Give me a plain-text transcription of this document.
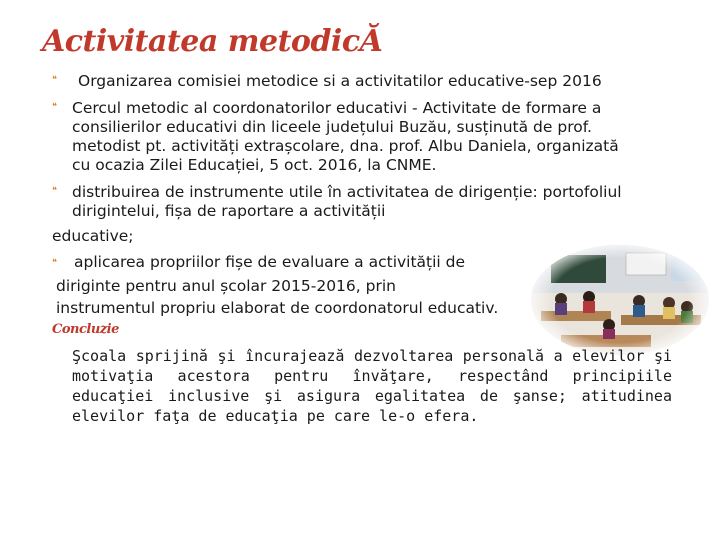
Activitatea metodicĂ
❝ Organizarea comisiei metodice si a activitatilor educative-sep 2016
❝ Cercul metodic al coordonatorilor educativi - Activitate de formare a
consilierilor educativi din liceele județului Buzău, susținută de prof.
metodist pt. activități extrașcolare, dna. prof. Albu Daniela, organizată
cu ocazia Zilei Educației, 5 oct. 2016, la CNME.
❝ distribuirea de instrumente utile în activitatea de dirigenție: portofoliul
dirigintelui, fișa de raportare a activității
educative;
❝ aplicarea propriilor fișe de evaluare a activității de
diriginte pentru anul școlar 2015-2016, prin
instrumentul propriu elaborat de coordonatorul educativ.
Concluzie
Şcoala sprijină şi încurajează dezvoltarea personală a elevilor şi motivaţia acestora pentru învăţare, respectând principiile educaţiei inclusive şi asigura egalitatea de şanse; atitudinea elevilor faţa de educaţia pe care le-o efera.
